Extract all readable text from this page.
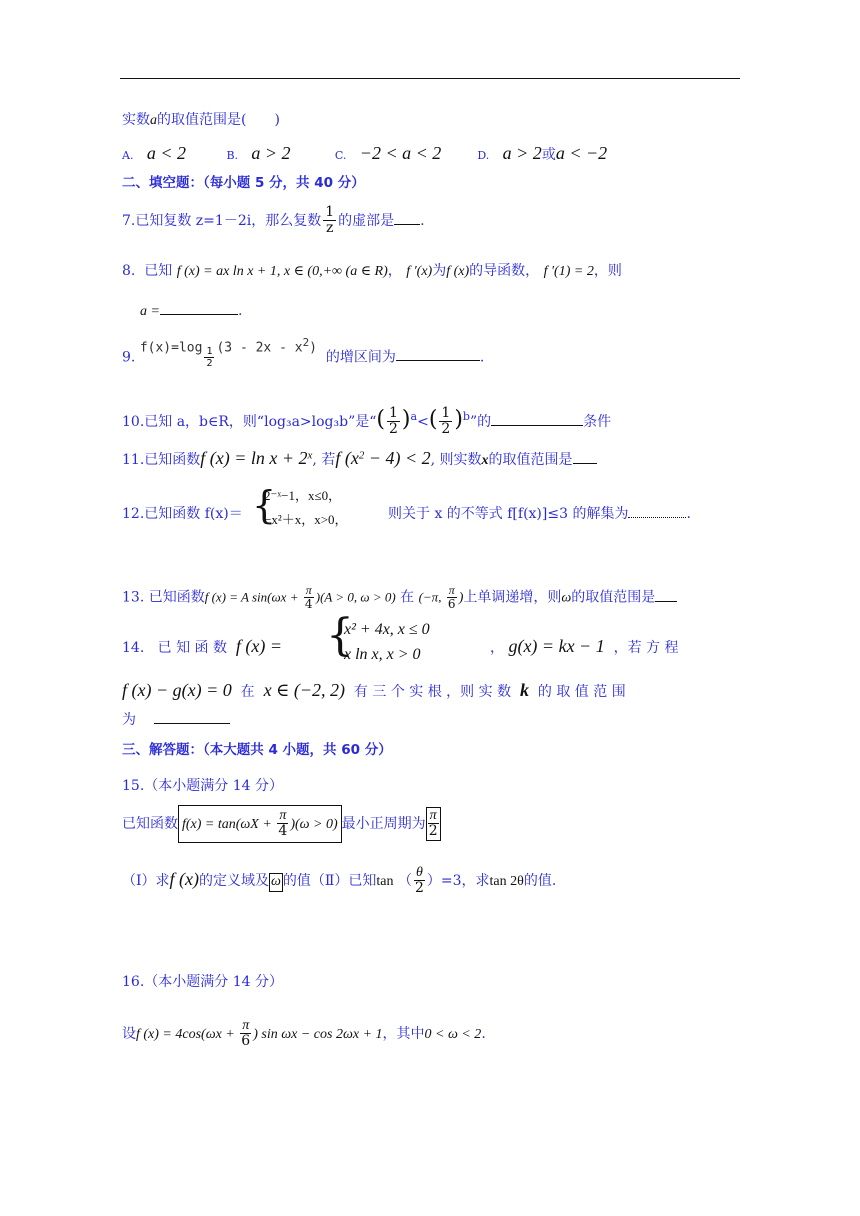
实数a的取值范围是(　　)
A. a < 2	B. a > 2	C. −2 < a < 2	D. a > 2或a < −2
二、填空题：（每小题 5 分，共 40 分）
7.已知复数 z=1－2i，那么复数 $\frac{1}{z}$ 的虚部是 .
8. 已知 f (x) = ax ln x + 1, x ∈ (0,+∞ (a ∈ R)， f ′(x)为f (x)的导函数， f ′(1) = 2，则
a =	.
9. $f(x)=\log \frac{1}{2} (3 - 2x - x^2)$  的增区间为	.
10.已知 a，b∈R，则“log₃a>log₃b”是“( $\frac{1}{2} )^a<( \frac{1}{2} )^b$”的	条件
11.已知函数f $(x) = \ln x + 2^x$, 若f $(x^2 - 4) < 2$, 则实数x的取值范围是
12.已知函数 f(x)＝ {
2⁻ˣ−1，x≤0，
−x²＋x，x>0，	则关于 x 的不等式 f[f(x)]≤3 的解集为	.
13. 已知函数f (x) = A $\sin(\omega x + \frac{\pi}{4} )(A > 0$, ω > 0) 在 (−π, $\frac{\pi}{6}$ )上单调递增，则ω的取值范围是
14. 已 知 函 数 f (x) = {
x² + 4x, x ≤ 0
x ln x, x > 0	， g(x) = kx − 1 ，若 方 程
f (x) − g(x) = 0 在 x ∈ (−2, 2) 有 三 个 实 根 ，则 实 数 k 的 取 值 范 围
为
三、解答题：（本大题共 4 小题，共 60 分）
15.（本小题满分 14 分）
已知函数 $f(x) = \tan(\omega X + \frac{\pi}{4} )(\omega > 0)$ 最小正周期为 $\frac{\pi}{2}$
（Ⅰ）求f (x)的定义域及 ω 的值（Ⅱ）已知tan （ $\frac{\theta}{2} )=3$，求tan 2θ的值.
16.（本小题满分 14 分）
设f $(x) = 4\cos(\omega x + \frac{\pi}{6}$ ) sin ωx − cos 2ωx + 1，其中0 < ω < 2.
